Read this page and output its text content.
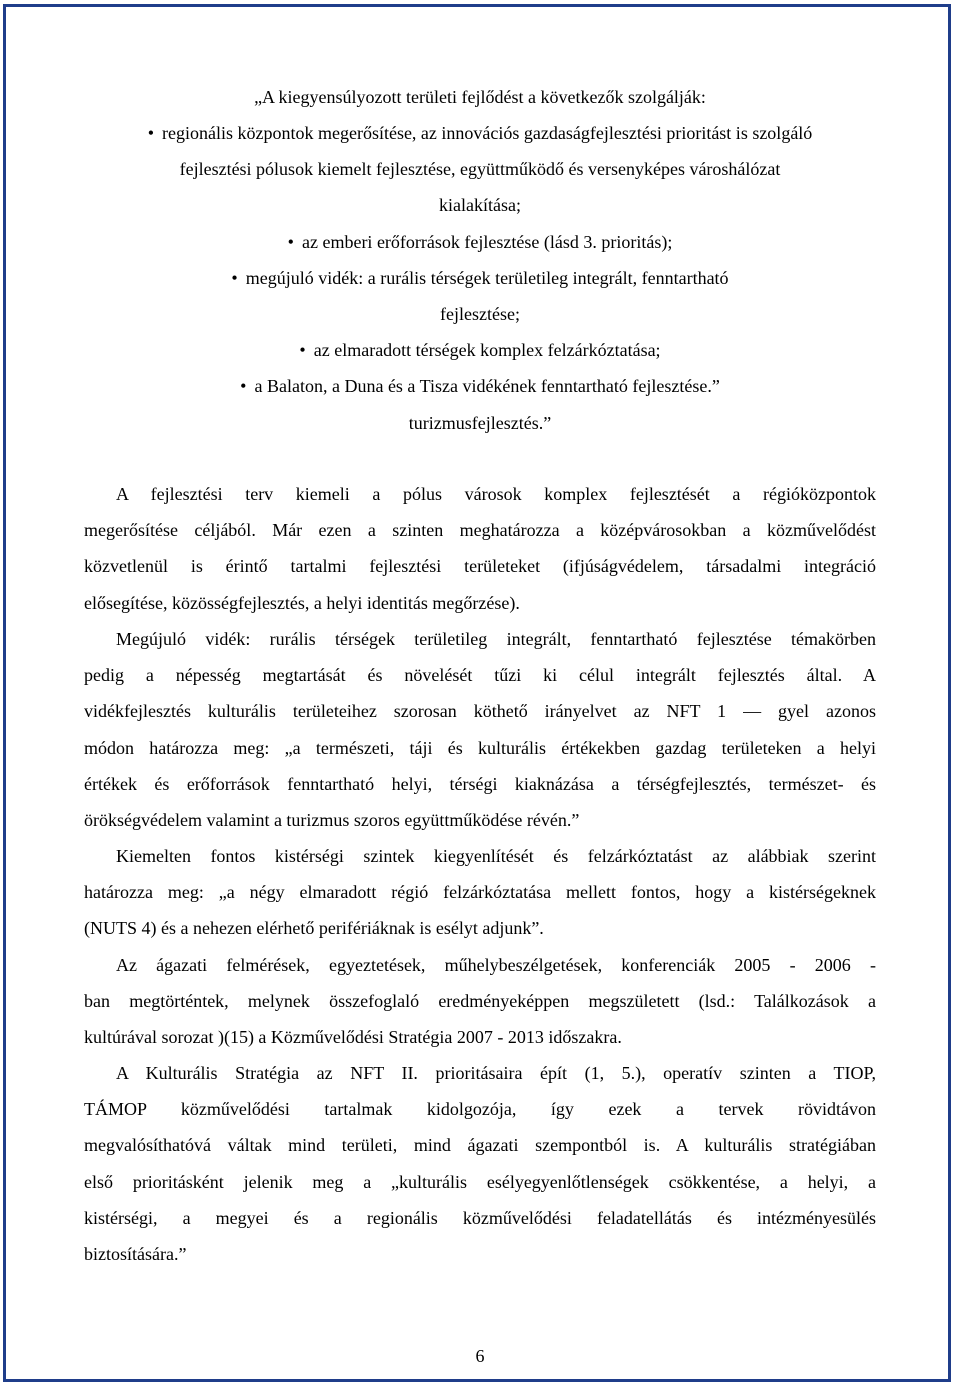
„A kiegyensúlyozott területi fejlődést a következők szolgálják:
• regionális központok megerősítése, az innovációs gazdaságfejlesztési prioritást is szolgáló
fejlesztési pólusok kiemelt fejlesztése, együttműködő és versenyképes városhálózat
kialakítása;
• az emberi erőforrások fejlesztése (lásd 3. prioritás);
• megújuló vidék: a rurális térségek területileg integrált, fenntartható
fejlesztése;
• az elmaradott térségek komplex felzárkóztatása;
• a Balaton, a Duna és a Tisza vidékének fenntartható fejlesztése.”
turizmusfejlesztés.”
A fejlesztési terv kiemeli a pólus városok komplex fejlesztését a régióközpontok
megerősítése céljából. Már ezen a szinten meghatározza a középvárosokban a közművelődést
közvetlenül is érintő tartalmi fejlesztési területeket (ifjúságvédelem, társadalmi integráció
elősegítése, közösségfejlesztés, a helyi identitás megőrzése).
Megújuló vidék: rurális térségek területileg integrált, fenntartható fejlesztése témakörben
pedig a népesség megtartását és növelését tűzi ki célul integrált fejlesztés által. A
vidékfejlesztés kulturális területeihez szorosan köthető irányelvet az NFT 1 — gyel azonos
módon határozza meg: „a természeti, táji és kulturális értékekben gazdag területeken a helyi
értékek és erőforrások fenntartható helyi, térségi kiaknázása a térségfejlesztés, természet- és
örökségvédelem valamint a turizmus szoros együttműködése révén.”
Kiemelten fontos kistérségi szintek kiegyenlítését és felzárkóztatást az alábbiak szerint
határozza meg: „a négy elmaradott régió felzárkóztatása mellett fontos, hogy a kistérségeknek
(NUTS 4) és a nehezen elérhető perifériáknak is esélyt adjunk”.
Az ágazati felmérések, egyeztetések, műhelybeszélgetések, konferenciák 2005 - 2006 -
ban megtörténtek, melynek összefoglaló eredményeképpen megszületett (lsd.: Találkozások a
kultúrával sorozat )(15) a Közművelődési Stratégia 2007 - 2013 időszakra.
A Kulturális Stratégia az NFT II. prioritásaira épít (1, 5.), operatív szinten a TIOP,
TÁMOP közművelődési tartalmak kidolgozója, így ezek a tervek rövidtávon
megvalósíthatóvá váltak mind területi, mind ágazati szempontból is. A kulturális stratégiában
első prioritásként jelenik meg a „kulturális esélyegyenlőtlenségek csökkentése, a helyi, a
kistérségi, a megyei és a regionális közművelődési feladatellátás és intézményesülés
biztosítására.”
6
